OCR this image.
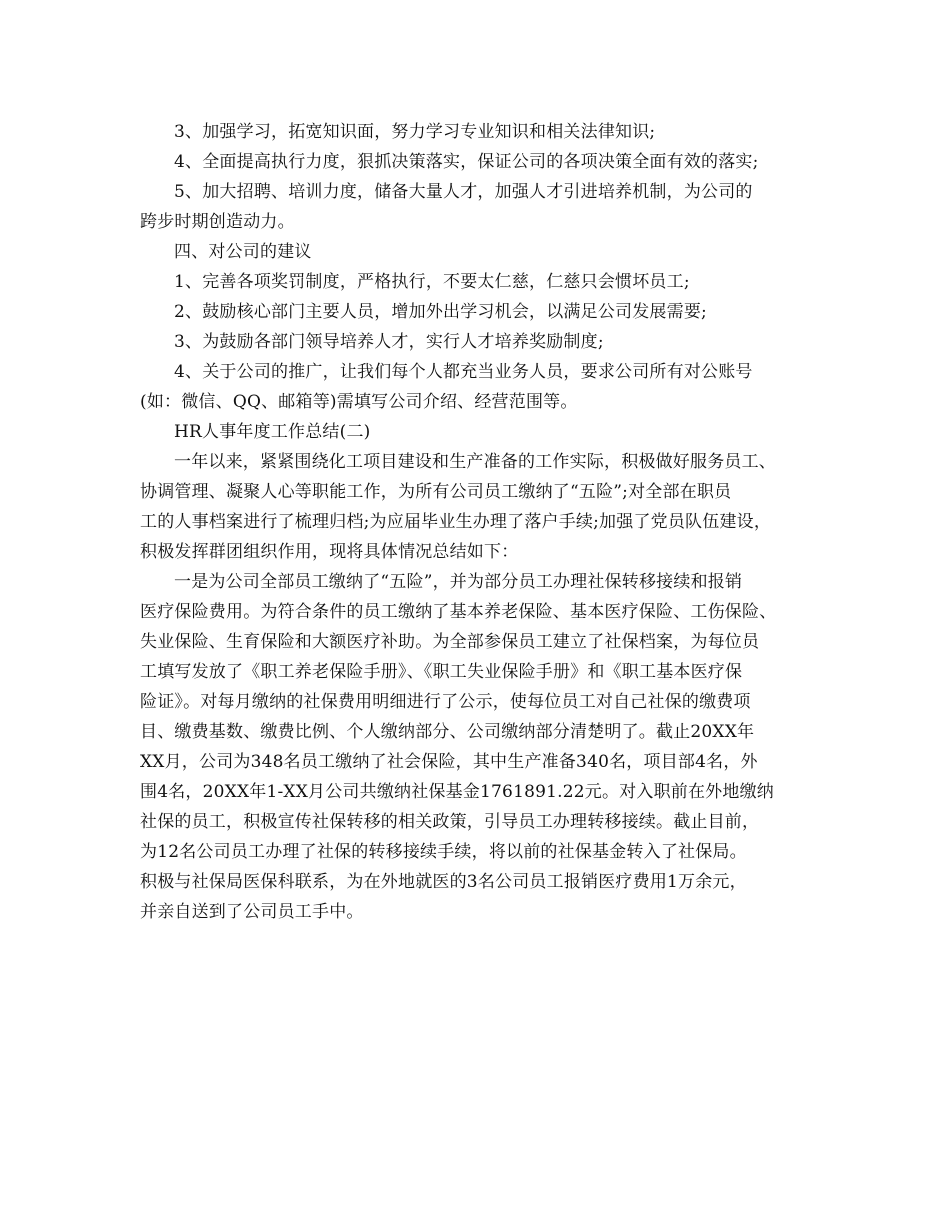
3、加强学习，拓宽知识面，努力学习专业知识和相关法律知识;
4、全面提高执行力度，狠抓决策落实，保证公司的各项决策全面有效的落实;
5、加大招聘、培训力度，储备大量人才，加强人才引进培养机制，为公司的
跨步时期创造动力。
四、对公司的建议
1、完善各项奖罚制度，严格执行，不要太仁慈，仁慈只会惯坏员工;
2、鼓励核心部门主要人员，增加外出学习机会，以满足公司发展需要;
3、为鼓励各部门领导培养人才，实行人才培养奖励制度;
4、关于公司的推广，让我们每个人都充当业务人员，要求公司所有对公账号
(如：微信、QQ、邮箱等)需填写公司介绍、经营范围等。
HR人事年度工作总结(二)
一年以来，紧紧围绕化工项目建设和生产准备的工作实际，积极做好服务员工、
协调管理、凝聚人心等职能工作，为所有公司员工缴纳了“五险”;对全部在职员
工的人事档案进行了梳理归档;为应届毕业生办理了落户手续;加强了党员队伍建设，
积极发挥群团组织作用，现将具体情况总结如下：
一是为公司全部员工缴纳了“五险”，并为部分员工办理社保转移接续和报销
医疗保险费用。为符合条件的员工缴纳了基本养老保险、基本医疗保险、工伤保险、
失业保险、生育保险和大额医疗补助。为全部参保员工建立了社保档案，为每位员
工填写发放了《职工养老保险手册》、《职工失业保险手册》和《职工基本医疗保
险证》。对每月缴纳的社保费用明细进行了公示，使每位员工对自己社保的缴费项
目、缴费基数、缴费比例、个人缴纳部分、公司缴纳部分清楚明了。截止20XX年
XX月，公司为348名员工缴纳了社会保险，其中生产准备340名，项目部4名，外
围4名，20XX年1-XX月公司共缴纳社保基金1761891.22元。对入职前在外地缴纳
社保的员工，积极宣传社保转移的相关政策，引导员工办理转移接续。截止目前，
为12名公司员工办理了社保的转移接续手续，将以前的社保基金转入了社保局。
积极与社保局医保科联系，为在外地就医的3名公司员工报销医疗费用1万余元，
并亲自送到了公司员工手中。
